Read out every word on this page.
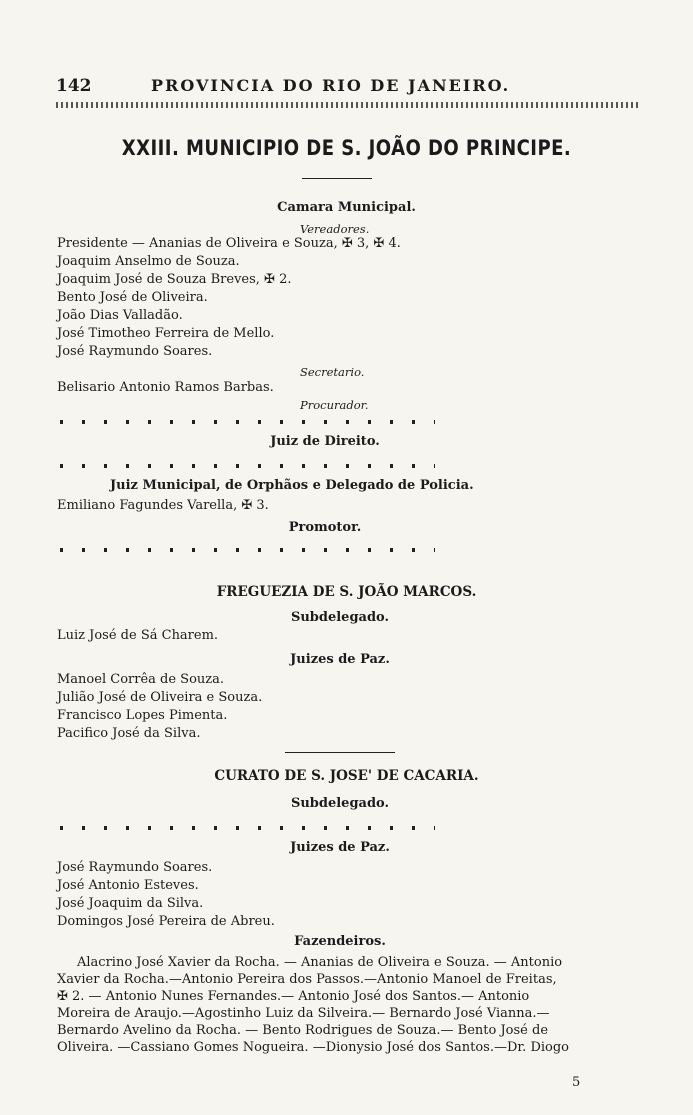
142	PROVINCIA DO RIO DE JANEIRO.
XXIII. MUNICIPIO DE S. JOÃO DO PRINCIPE.
Camara Municipal.
Vereadores.
Presidente — Ananias de Oliveira e Souza, ✠ 3, ✠ 4.
Joaquim Anselmo de Souza.
Joaquim José de Souza Breves, ✠ 2.
Bento José de Oliveira.
João Dias Valladão.
José Timotheo Ferreira de Mello.
José Raymundo Soares.
Secretario.
Belisario Antonio Ramos Barbas.
Procurador.
Juiz de Direito.
Juiz Municipal, de Orphãos e Delegado de Policia.
Emiliano Fagundes Varella, ✠ 3.
Promotor.
FREGUEZIA DE S. JOÃO MARCOS.
Subdelegado.
Luiz José de Sá Charem.
Juizes de Paz.
Manoel Corrêa de Souza.
Julião José de Oliveira e Souza.
Francisco Lopes Pimenta.
Pacifico José da Silva.
CURATO DE S. JOSE' DE CACARIA.
Subdelegado.
Juizes de Paz.
José Raymundo Soares.
José Antonio Esteves.
José Joaquim da Silva.
Domingos José Pereira de Abreu.
Fazendeiros.
Alacrino José Xavier da Rocha. — Ananias de Oliveira e Souza. — Antonio
Xavier da Rocha.—Antonio Pereira dos Passos.—Antonio Manoel de Freitas,
✠ 2. — Antonio Nunes Fernandes.— Antonio José dos Santos.— Antonio
Moreira de Araujo.—Agostinho Luiz da Silveira.— Bernardo José Vianna.—
Bernardo Avelino da Rocha. — Bento Rodrigues de Souza.— Bento José de
Oliveira. —Cassiano Gomes Nogueira. —Dionysio José dos Santos.—Dr. Diogo
5
